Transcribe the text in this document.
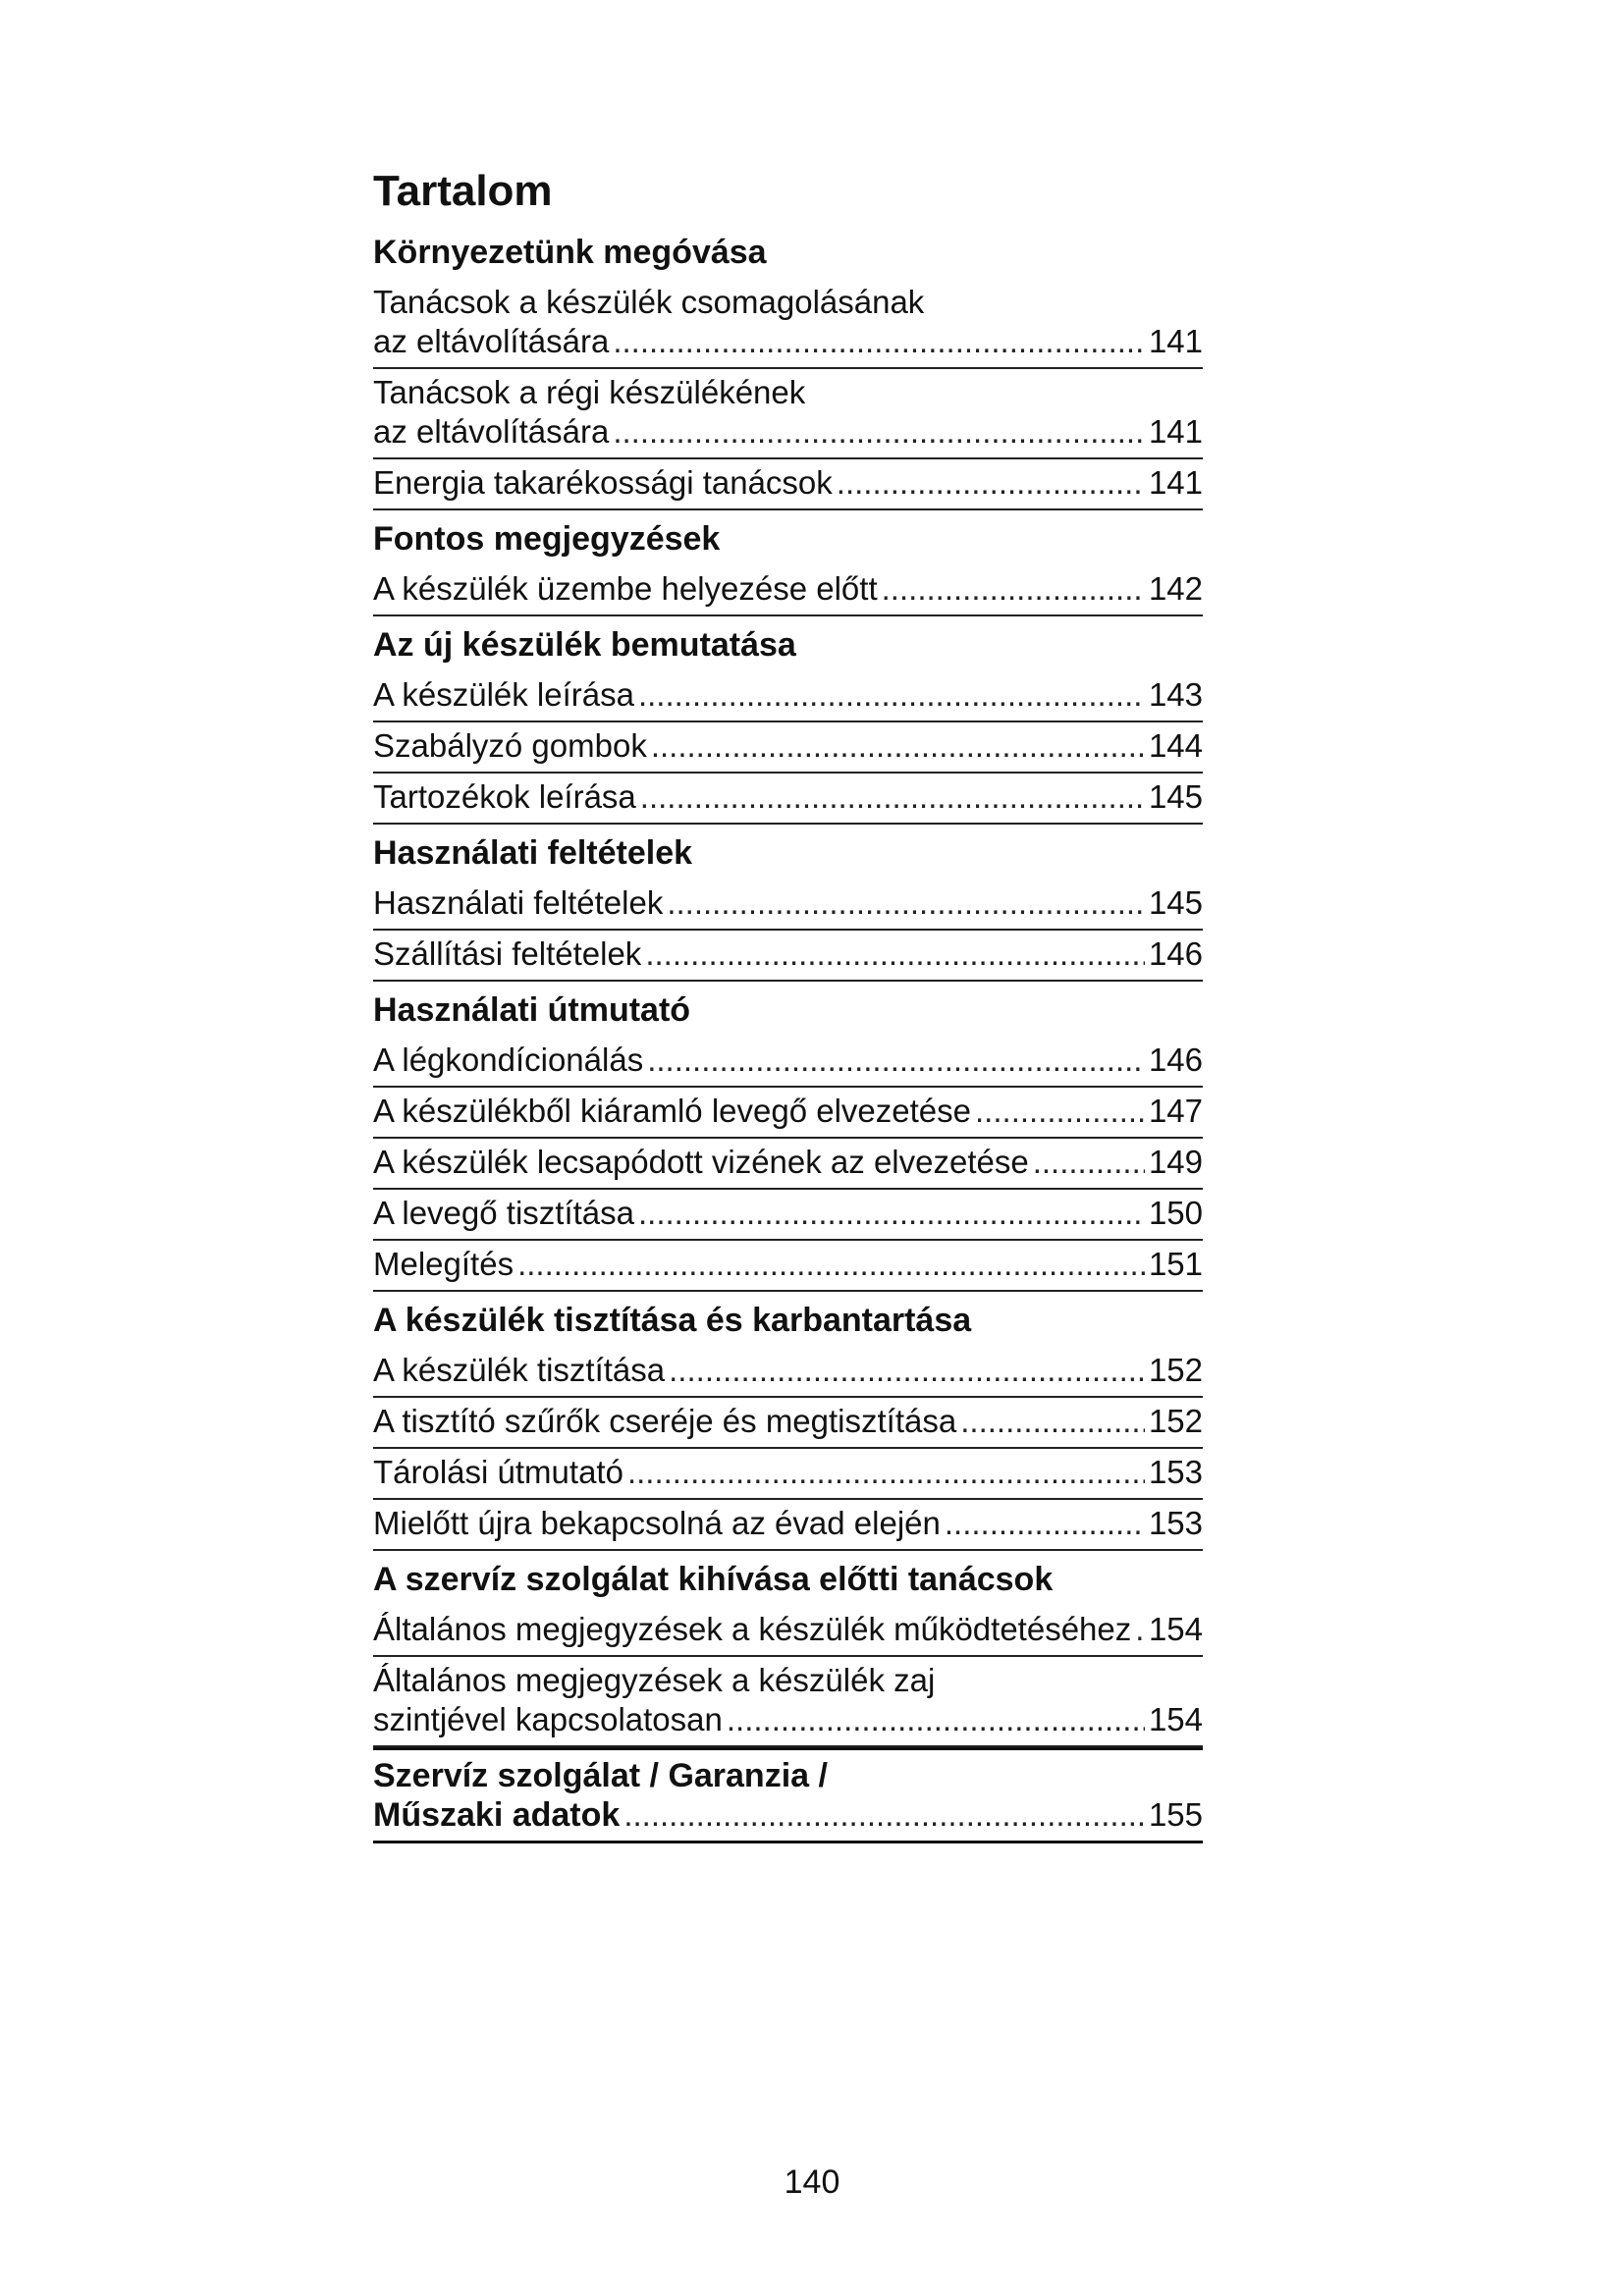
Tartalom
Környezetünk megóvása
Tanácsok a készülék csomagolásának
az eltávolítására .....	141
Tanácsok a régi készülékének
az eltávolítására .....	141
Energia takarékossági tanácsok .....	141
Fontos megjegyzések
A készülék üzembe helyezése előtt .....	142
Az új készülék bemutatása
A készülék leírása .....	143
Szabályzó gombok .....	144
Tartozékok leírása .....	145
Használati feltételek
Használati feltételek .....	145
Szállítási feltételek .....	146
Használati útmutató
A légkondícionálás .....	146
A készülékből kiáramló levegő elvezetése .....	147
A készülék lecsapódott vizének az elvezetése .....	149
A levegő tisztítása .....	150
Melegítés .....	151
A készülék tisztítása és karbantartása
A készülék tisztítása .....	152
A tisztító szűrők cseréje és megtisztítása .....	152
Tárolási útmutató .....	153
Mielőtt újra bekapcsolná az évad elején .....	153
A szervíz szolgálat kihívása előtti tanácsok
Általános megjegyzések a készülék működtetéséhez ..... 154
Általános megjegyzések a készülék zaj
szintjével kapcsolatosan .....	154
Szervíz szolgálat / Garanzia /
Műszaki adatok .....	155
140
